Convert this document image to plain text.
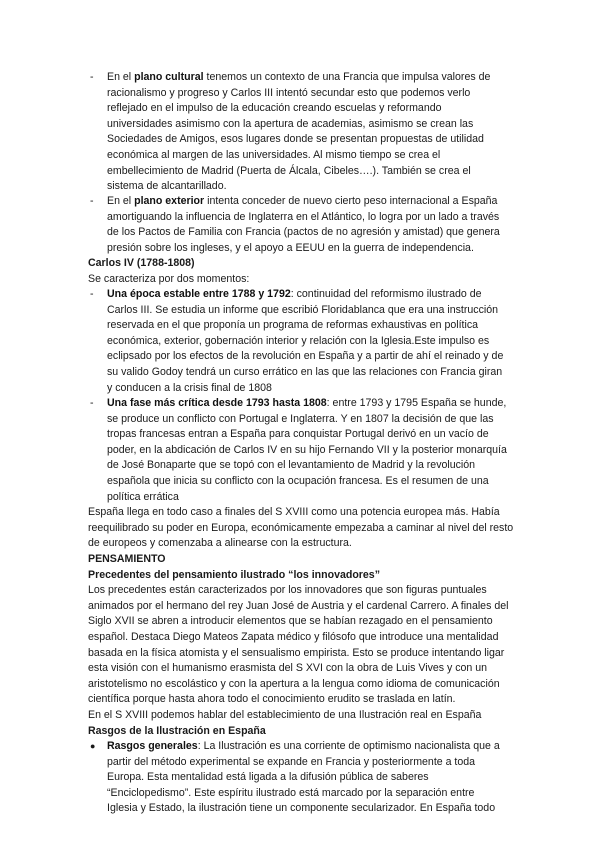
- En el plano cultural tenemos un contexto de una Francia que impulsa valores de
racionalismo y progreso y Carlos III intentó secundar esto que podemos verlo
reflejado en el impulso de la educación creando escuelas y reformando
universidades asimismo con la apertura de academias, asimismo se crean las
Sociedades de Amigos, esos lugares donde se presentan propuestas de utilidad
económica al margen de las universidades. Al mismo tiempo se crea el
embellecimiento de Madrid (Puerta de Álcala, Cibeles….). También se crea el
sistema de alcantarillado.
- En el plano exterior intenta conceder de nuevo cierto peso internacional a España
amortiguando la influencia de Inglaterra en el Atlántico, lo logra por un lado a través
de los Pactos de Familia con Francia (pactos de no agresión y amistad) que genera
presión sobre los ingleses, y el apoyo a EEUU en la guerra de independencia.
Carlos IV (1788-1808)
Se caracteriza por dos momentos:
- Una época estable entre 1788 y 1792: continuidad del reformismo ilustrado de
Carlos III. Se estudia un informe que escribió Floridablanca que era una instrucción
reservada en el que proponía un programa de reformas exhaustivas en política
económica, exterior, gobernación interior y relación con la Iglesia.Este impulso es
eclipsado por los efectos de la revolución en España y a partir de ahí el reinado y de
su valido Godoy tendrá un curso errático en las que las relaciones con Francia giran
y conducen a la crisis final de 1808
- Una fase más crítica desde 1793 hasta 1808: entre 1793 y 1795 España se hunde,
se produce un conflicto con Portugal e Inglaterra. Y en 1807 la decisión de que las
tropas francesas entran a España para conquistar Portugal derivó en un vacío de
poder, en la abdicación de Carlos IV en su hijo Fernando VII y la posterior monarquía
de José Bonaparte que se topó con el levantamiento de Madrid y la revolución
española que inicia su conflicto con la ocupación francesa. Es el resumen de una
política errática
España llega en todo caso a finales del S XVIII como una potencia europea más. Había
reequilibrado su poder en Europa, económicamente empezaba a caminar al nivel del resto
de europeos y comenzaba a alinearse con la estructura.
PENSAMIENTO
Precedentes del pensamiento ilustrado “los innovadores”
Los precedentes están caracterizados por los innovadores que son figuras puntuales
animados por el hermano del rey Juan José de Austria y el cardenal Carrero. A finales del
Siglo XVII se abren a introducir elementos que se habían rezagado en el pensamiento
español. Destaca Diego Mateos Zapata médico y filósofo que introduce una mentalidad
basada en la física atomista y el sensualismo empirista. Esto se produce intentando ligar
esta visión con el humanismo erasmista del S XVI con la obra de Luis Vives y con un
aristotelismo no escolástico y con la apertura a la lengua como idioma de comunicación
científica porque hasta ahora todo el conocimiento erudito se traslada en latín.
En el S XVIII podemos hablar del establecimiento de una Ilustración real en España
Rasgos de la Ilustración en España
● Rasgos generales: La Ilustración es una corriente de optimismo nacionalista que a
partir del método experimental se expande en Francia y posteriormente a toda
Europa. Esta mentalidad está ligada a la difusión pública de saberes
“Enciclopedismo”. Este espíritu ilustrado está marcado por la separación entre
Iglesia y Estado, la ilustración tiene un componente secularizador. En España todo
